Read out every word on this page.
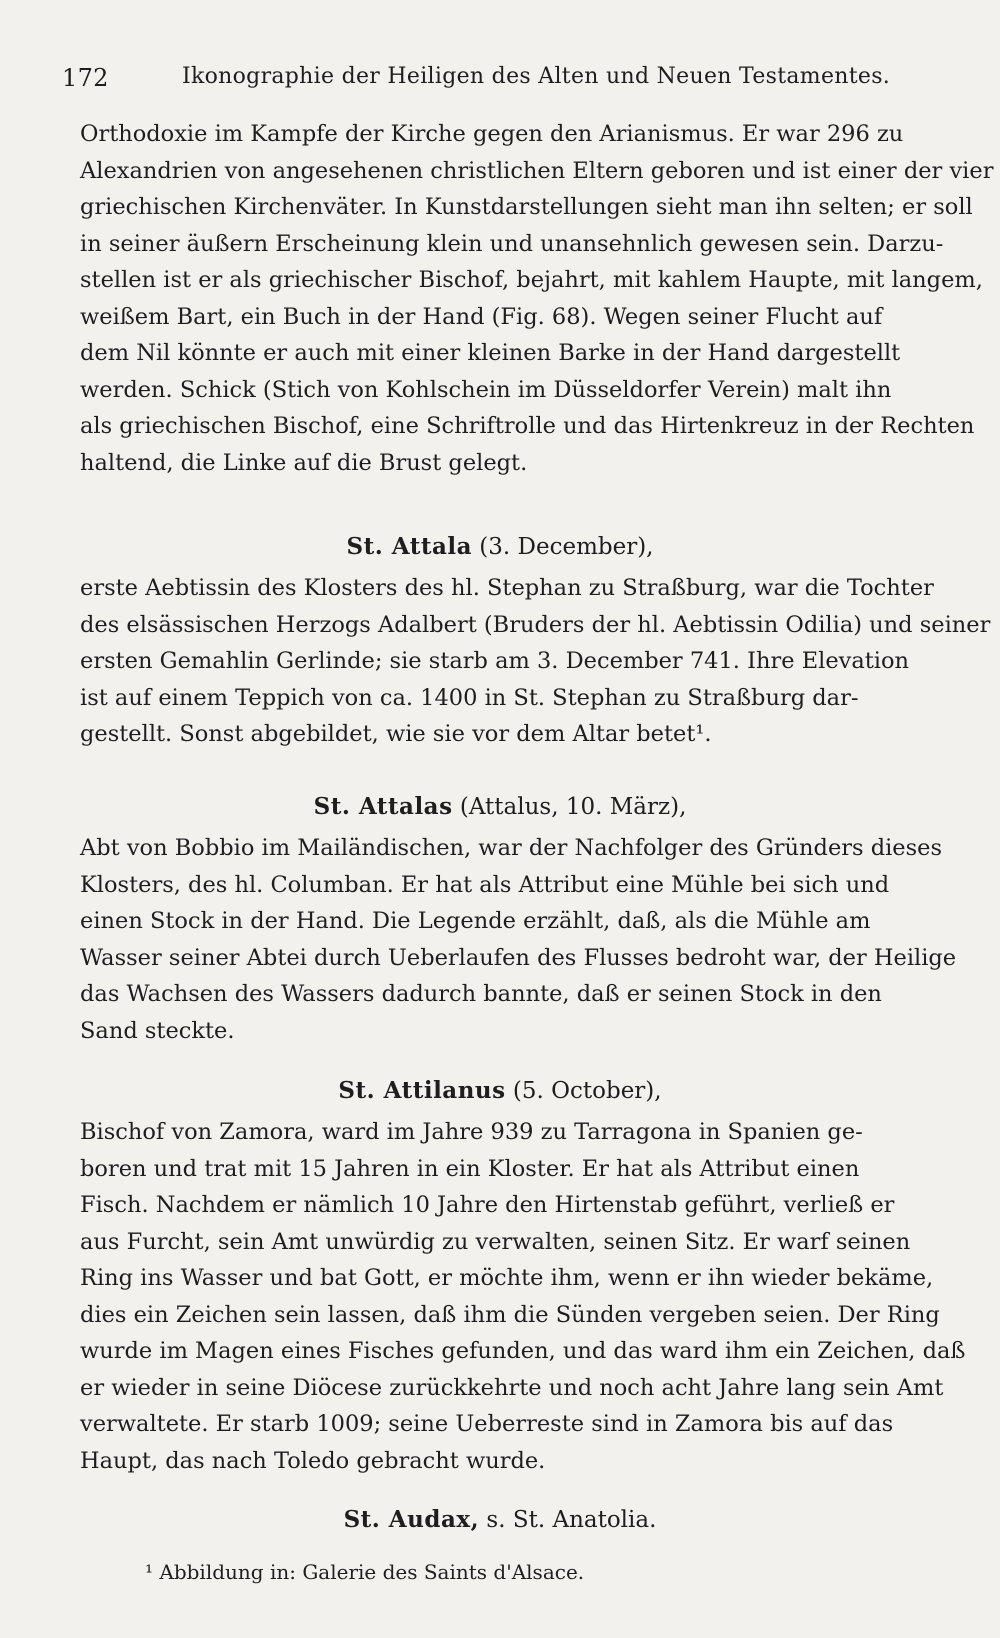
172	Ikonographie der Heiligen des Alten und Neuen Testamentes.
Orthodoxie im Kampfe der Kirche gegen den Arianismus. Er war 296 zu
Alexandrien von angesehenen christlichen Eltern geboren und ist einer der vier
griechischen Kirchenväter. In Kunstdarstellungen sieht man ihn selten; er soll
in seiner äußern Erscheinung klein und unansehnlich gewesen sein. Darzu-
stellen ist er als griechischer Bischof, bejahrt, mit kahlem Haupte, mit langem,
weißem Bart, ein Buch in der Hand (Fig. 68). Wegen seiner Flucht auf
dem Nil könnte er auch mit einer kleinen Barke in der Hand dargestellt
werden. Schick (Stich von Kohlschein im Düsseldorfer Verein) malt ihn
als griechischen Bischof, eine Schriftrolle und das Hirtenkreuz in der Rechten
haltend, die Linke auf die Brust gelegt.
St. Attala (3. December),
erste Aebtissin des Klosters des hl. Stephan zu Straßburg, war die Tochter
des elsässischen Herzogs Adalbert (Bruders der hl. Aebtissin Odilia) und seiner
ersten Gemahlin Gerlinde; sie starb am 3. December 741. Ihre Elevation
ist auf einem Teppich von ca. 1400 in St. Stephan zu Straßburg dar-
gestellt. Sonst abgebildet, wie sie vor dem Altar betet¹.
St. Attalas (Attalus, 10. März),
Abt von Bobbio im Mailändischen, war der Nachfolger des Gründers dieses
Klosters, des hl. Columban. Er hat als Attribut eine Mühle bei sich und
einen Stock in der Hand. Die Legende erzählt, daß, als die Mühle am
Wasser seiner Abtei durch Ueberlaufen des Flusses bedroht war, der Heilige
das Wachsen des Wassers dadurch bannte, daß er seinen Stock in den
Sand steckte.
St. Attilanus (5. October),
Bischof von Zamora, ward im Jahre 939 zu Tarragona in Spanien ge-
boren und trat mit 15 Jahren in ein Kloster. Er hat als Attribut einen
Fisch. Nachdem er nämlich 10 Jahre den Hirtenstab geführt, verließ er
aus Furcht, sein Amt unwürdig zu verwalten, seinen Sitz. Er warf seinen
Ring ins Wasser und bat Gott, er möchte ihm, wenn er ihn wieder bekäme,
dies ein Zeichen sein lassen, daß ihm die Sünden vergeben seien. Der Ring
wurde im Magen eines Fisches gefunden, und das ward ihm ein Zeichen, daß
er wieder in seine Diöcese zurückkehrte und noch acht Jahre lang sein Amt
verwaltete. Er starb 1009; seine Ueberreste sind in Zamora bis auf das
Haupt, das nach Toledo gebracht wurde.
St. Audax, s. St. Anatolia.
¹ Abbildung in: Galerie des Saints d'Alsace.
